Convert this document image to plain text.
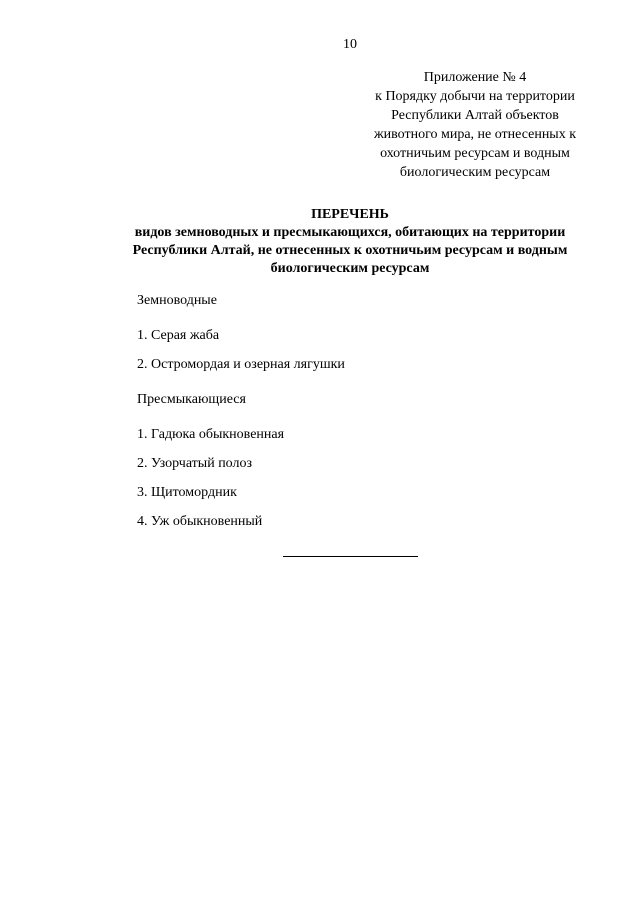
10
Приложение № 4
к Порядку добычи на территории
Республики Алтай объектов
животного мира, не отнесенных к
охотничьим ресурсам и водным
биологическим ресурсам
ПЕРЕЧЕНЬ
видов земноводных и пресмыкающихся, обитающих на территории
Республики Алтай, не отнесенных к охотничьим ресурсам и водным
биологическим ресурсам
Земноводные
1. Серая жаба
2. Остромордая и озерная лягушки
Пресмыкающиеся
1. Гадюка обыкновенная
2. Узорчатый полоз
3. Щитомордник
4. Уж обыкновенный
